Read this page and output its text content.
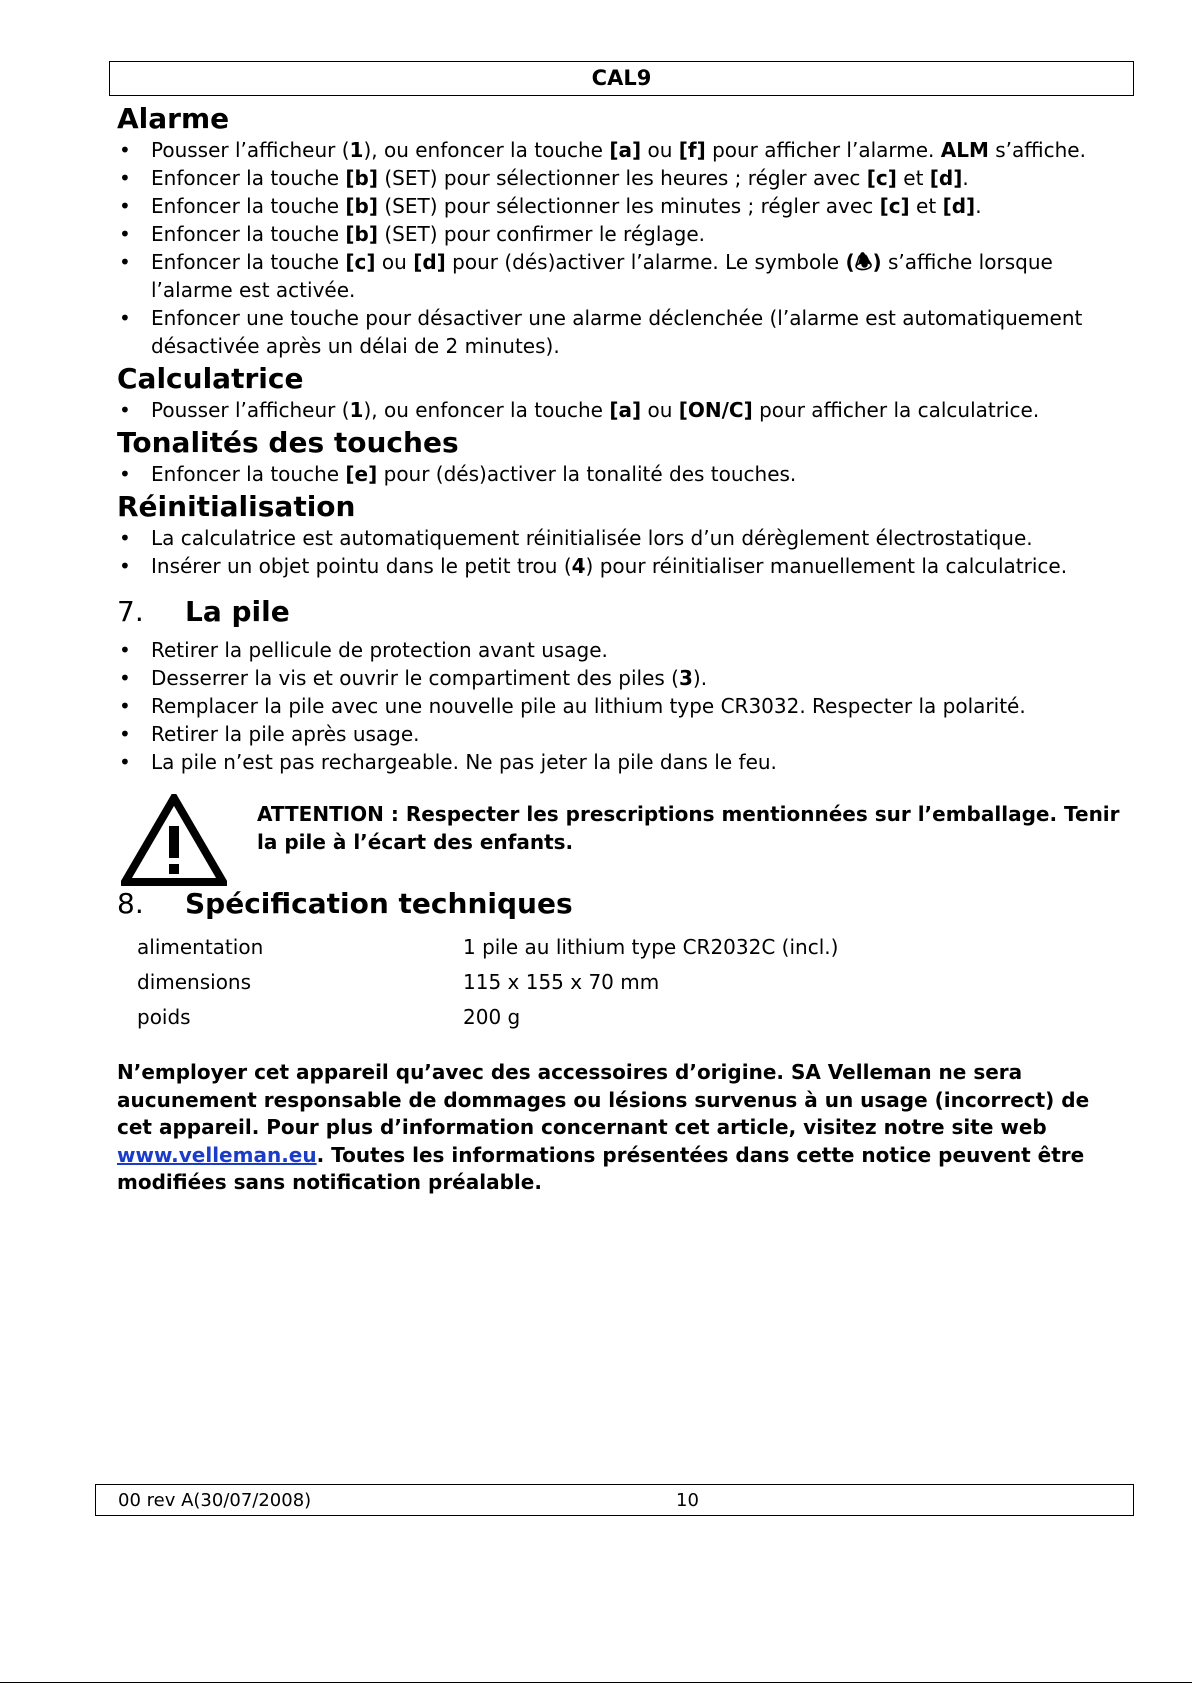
CAL9
Alarme
• Pousser l’afficheur (1), ou enfoncer la touche [a] ou [f] pour afficher l’alarme. ALM s’affiche.
• Enfoncer la touche [b] (SET) pour sélectionner les heures ; régler avec [c] et [d].
• Enfoncer la touche [b] (SET) pour sélectionner les minutes ; régler avec [c] et [d].
• Enfoncer la touche [b] (SET) pour confirmer le réglage.
• Enfoncer la touche [c] ou [d] pour (dés)activer l’alarme. Le symbole (🕭) s’affiche lorsque l’alarme est activée.
• Enfoncer une touche pour désactiver une alarme déclenchée (l’alarme est automatiquement désactivée après un délai de 2 minutes).
Calculatrice
• Pousser l’afficheur (1), ou enfoncer la touche [a] ou [ON/C] pour afficher la calculatrice.
Tonalités des touches
• Enfoncer la touche [e] pour (dés)activer la tonalité des touches.
Réinitialisation
• La calculatrice est automatiquement réinitialisée lors d’un dérèglement électrostatique.
• Insérer un objet pointu dans le petit trou (4) pour réinitialiser manuellement la calculatrice.
7. La pile
• Retirer la pellicule de protection avant usage.
• Desserrer la vis et ouvrir le compartiment des piles (3).
• Remplacer la pile avec une nouvelle pile au lithium type CR3032. Respecter la polarité.
• Retirer la pile après usage.
• La pile n’est pas rechargeable. Ne pas jeter la pile dans le feu.
ATTENTION : Respecter les prescriptions mentionnées sur l’emballage. Tenir la pile à l’écart des enfants.
8. Spécification techniques
alimentation	1 pile au lithium type CR2032C (incl.)
dimensions	115 x 155 x 70 mm
poids	200 g
N’employer cet appareil qu’avec des accessoires d’origine. SA Velleman ne sera aucunement responsable de dommages ou lésions survenus à un usage (incorrect) de cet appareil. Pour plus d’information concernant cet article, visitez notre site web www.velleman.eu. Toutes les informations présentées dans cette notice peuvent être modifiées sans notification préalable.
00 rev A(30/07/2008)	10
